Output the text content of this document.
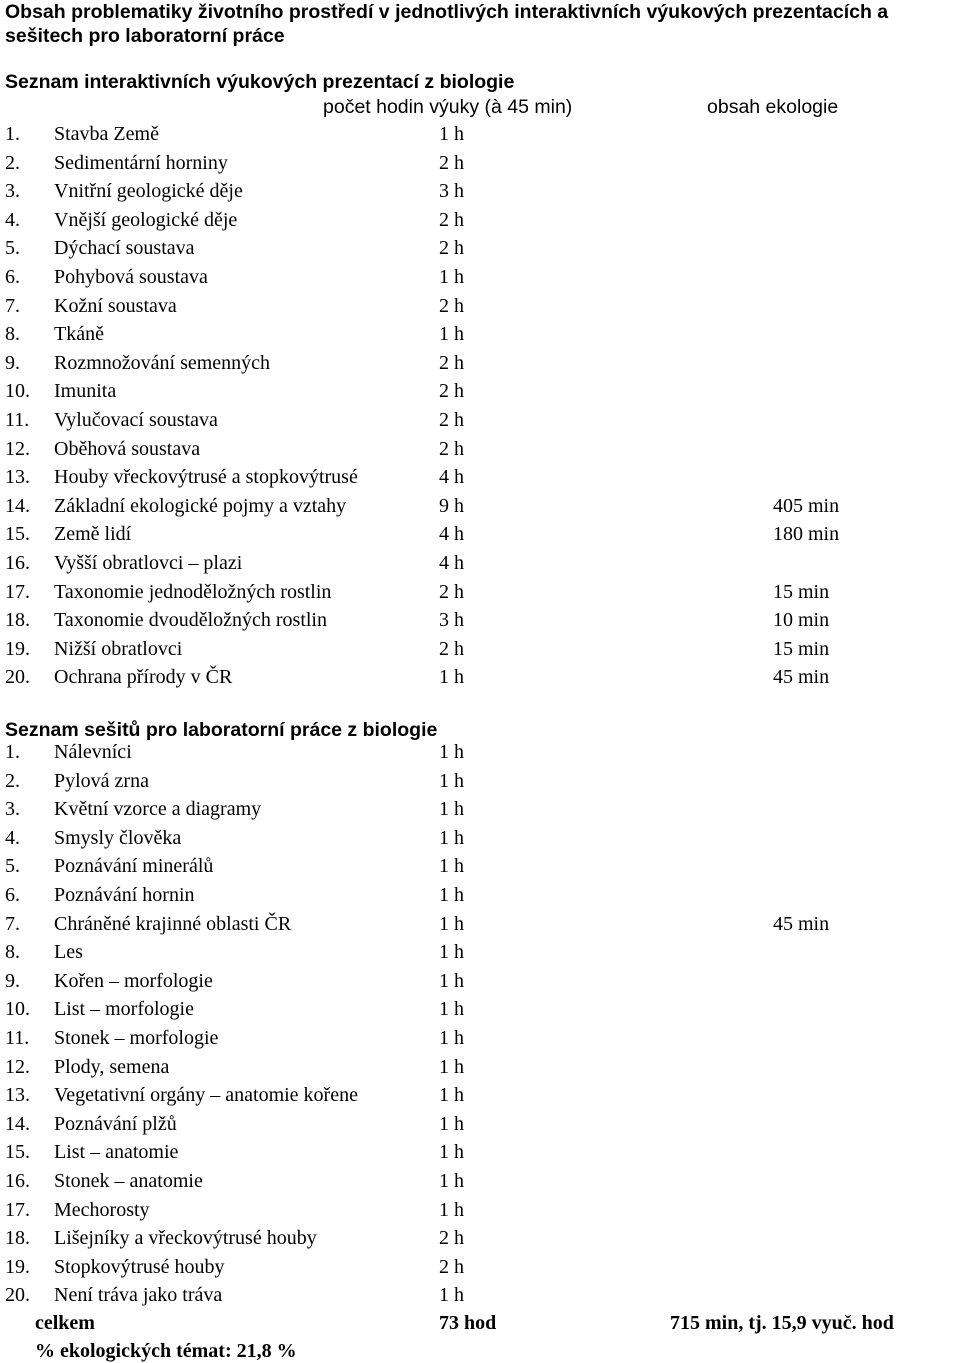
Obsah problematiky životního prostředí v jednotlivých interaktivních výukových prezentacích a sešitech pro laboratorní práce
Seznam interaktivních výukových prezentací z biologie
počet hodin výuky (à 45 min)	obsah ekologie
1. Stavba Země	1 h
2. Sedimentární horniny	2 h
3. Vnitřní geologické děje	3 h
4. Vnější geologické děje	2 h
5. Dýchací soustava	2 h
6. Pohybová soustava	1 h
7. Kožní soustava	2 h
8. Tkáně	1 h
9. Rozmnožování semenných	2 h
10. Imunita	2 h
11. Vylučovací soustava	2 h
12. Oběhová soustava	2 h
13. Houby vřeckovýtrusé a stopkovýtrusé	4 h
14. Základní ekologické pojmy a vztahy	9 h	405 min
15. Země lidí	4 h	180 min
16. Vyšší obratlovci – plazi	4 h
17. Taxonomie jednoděložných rostlin	2 h	15 min
18. Taxonomie dvouděložných rostlin	3 h	10 min
19. Nižší obratlovci	2 h	15 min
20. Ochrana přírody v ČR	1 h	45 min
Seznam sešitů pro laboratorní práce z biologie
1. Nálevníci	1 h
2. Pylová zrna	1 h
3. Květní vzorce a diagramy	1 h
4. Smysly člověka	1 h
5. Poznávání minerálů	1 h
6. Poznávání hornin	1 h
7. Chráněné krajinné oblasti ČR	1 h	45 min
8. Les	1 h
9. Kořen – morfologie	1 h
10. List – morfologie	1 h
11. Stonek – morfologie	1 h
12. Plody, semena	1 h
13. Vegetativní orgány – anatomie kořene	1 h
14. Poznávání plžů	1 h
15. List – anatomie	1 h
16. Stonek – anatomie	1 h
17. Mechorosty	1 h
18. Lišejníky a vřeckovýtrusé houby	2 h
19. Stopkovýtrusé houby	2 h
20. Není tráva jako tráva	1 h
celkem	73 hod	715 min, tj. 15,9 vyuč. hod
% ekologických témat: 21,8 %
